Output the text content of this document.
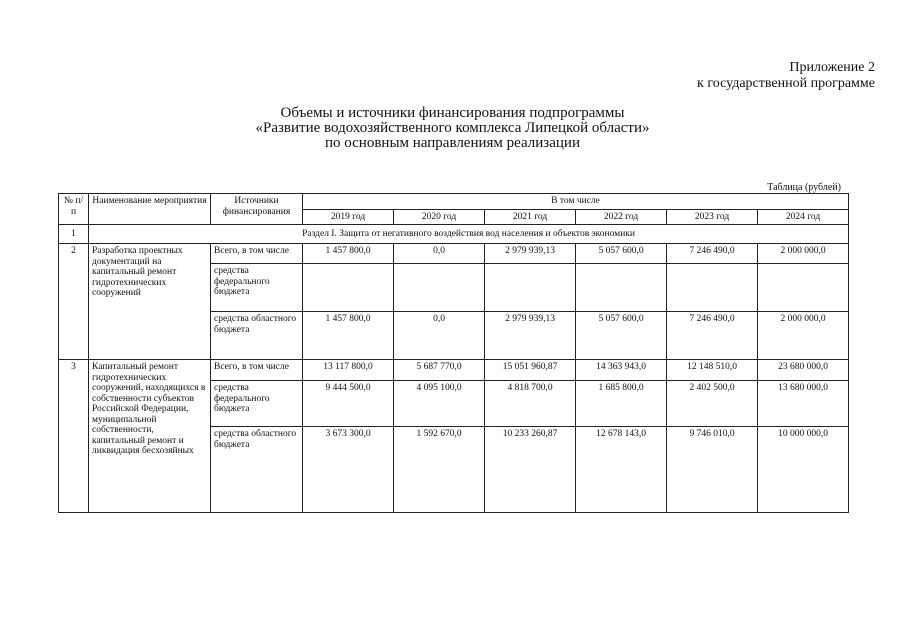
Приложение 2
к государственной программе
Объемы и источники финансирования подпрограммы
«Развитие водохозяйственного комплекса Липецкой области»
по основным направлениям реализации
Таблица (рублей)
№ п/п	Наименование мероприятия	Источники финансирования	В том числе					
			2019 год	2020 год	2021 год	2022 год	2023 год	2024 год
1	Раздел I. Защита от негативного воздействия вод населения и объектов экономики							
2	Разработка проектных документаций на капитальный ремонт гидротехнических сооружений	Всего, в том числе	1 457 800,0	0,0	2 979 939,13	5 057 600,0	7 246 490,0	2 000 000,0
		средства федерального бюджета						
		средства областного бюджета	1 457 800,0	0,0	2 979 939,13	5 057 600,0	7 246 490,0	2 000 000,0
3	Капитальный ремонт гидротехнических сооружений, находящихся в собственности субъектов Российской Федерации, муниципальной собственности, капитальный ремонт и ликвидация бесхозяйных	Всего, в том числе	13 117 800,0	5 687 770,0	15 051 960,87	14 363 943,0	12 148 510,0	23 680 000,0
		средства федерального бюджета	9 444 500,0	4 095 100,0	4 818 700,0	1 685 800,0	2 402 500,0	13 680 000,0
		средства областного бюджета	3 673 300,0	1 592 670,0	10 233 260,87	12 678 143,0	9 746 010,0	10 000 000,0
